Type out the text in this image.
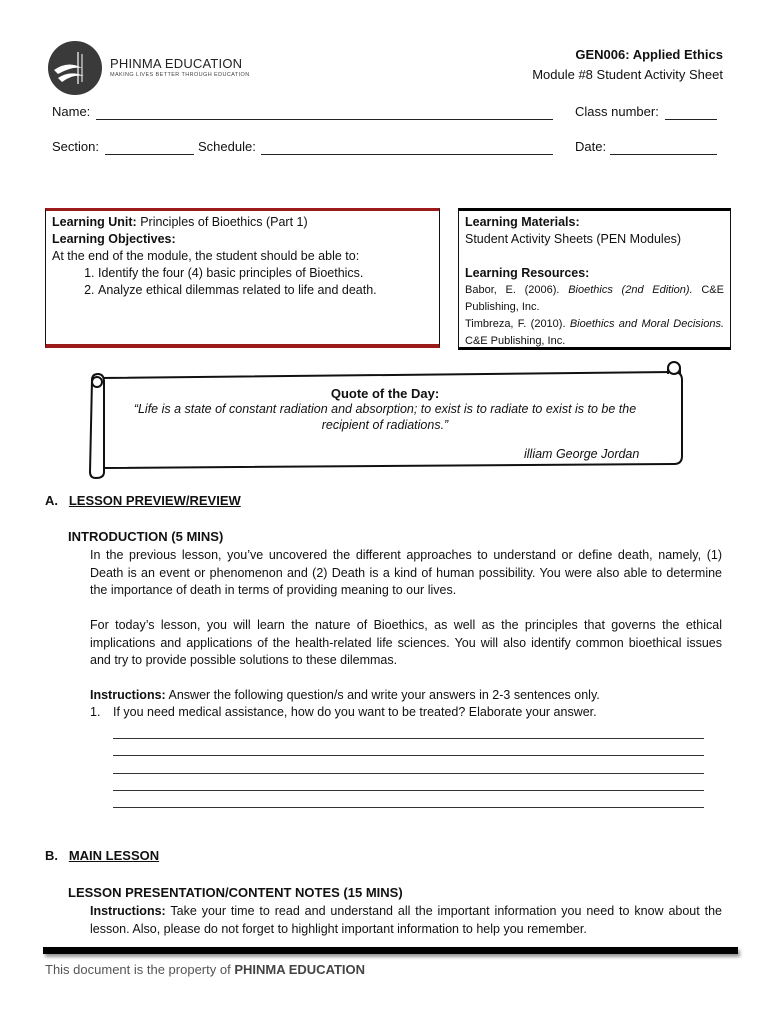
PHINMA EDUCATION
MAKING LIVES BETTER THROUGH EDUCATION
GEN006: Applied Ethics
Module #8 Student Activity Sheet
Name:	Class number:
Section:	Schedule:	Date:

Learning Unit: Principles of Bioethics (Part 1)

Learning Objectives:

At the end of the module, the student should be able to:

1. Identify the four (4) basic principles of Bioethics.
2. Analyze ethical dilemmas related to life and death.

Learning Materials:

Student Activity Sheets (PEN Modules)

Learning Resources:

Babor, E. (2006). Bioethics (2nd Edition). C&E Publishing, Inc.

Timbreza, F. (2010). Bioethics and Moral Decisions. C&E Publishing, Inc.

Quote of the Day:
“Life is a state of constant radiation and absorption; to exist is to radiate to exist is to be the recipient of radiations.”
illiam George Jordan
A. LESSON PREVIEW/REVIEW
INTRODUCTION (5 MINS)
In the previous lesson, you’ve uncovered the different approaches to understand or define death, namely, (1) Death is an event or phenomenon and (2) Death is a kind of human possibility. You were also able to determine the importance of death in terms of providing meaning to our lives.
For today’s lesson, you will learn the nature of Bioethics, as well as the principles that governs the ethical implications and applications of the health-related life sciences. You will also identify common bioethical issues and try to provide possible solutions to these dilemmas.
Instructions: Answer the following question/s and write your answers in 2-3 sentences only.
1. If you need medical assistance, how do you want to be treated? Elaborate your answer.
B. MAIN LESSON
LESSON PRESENTATION/CONTENT NOTES (15 MINS)
Instructions: Take your time to read and understand all the important information you need to know about the lesson. Also, please do not forget to highlight important information to help you remember.
This document is the property of PHINMA EDUCATION
